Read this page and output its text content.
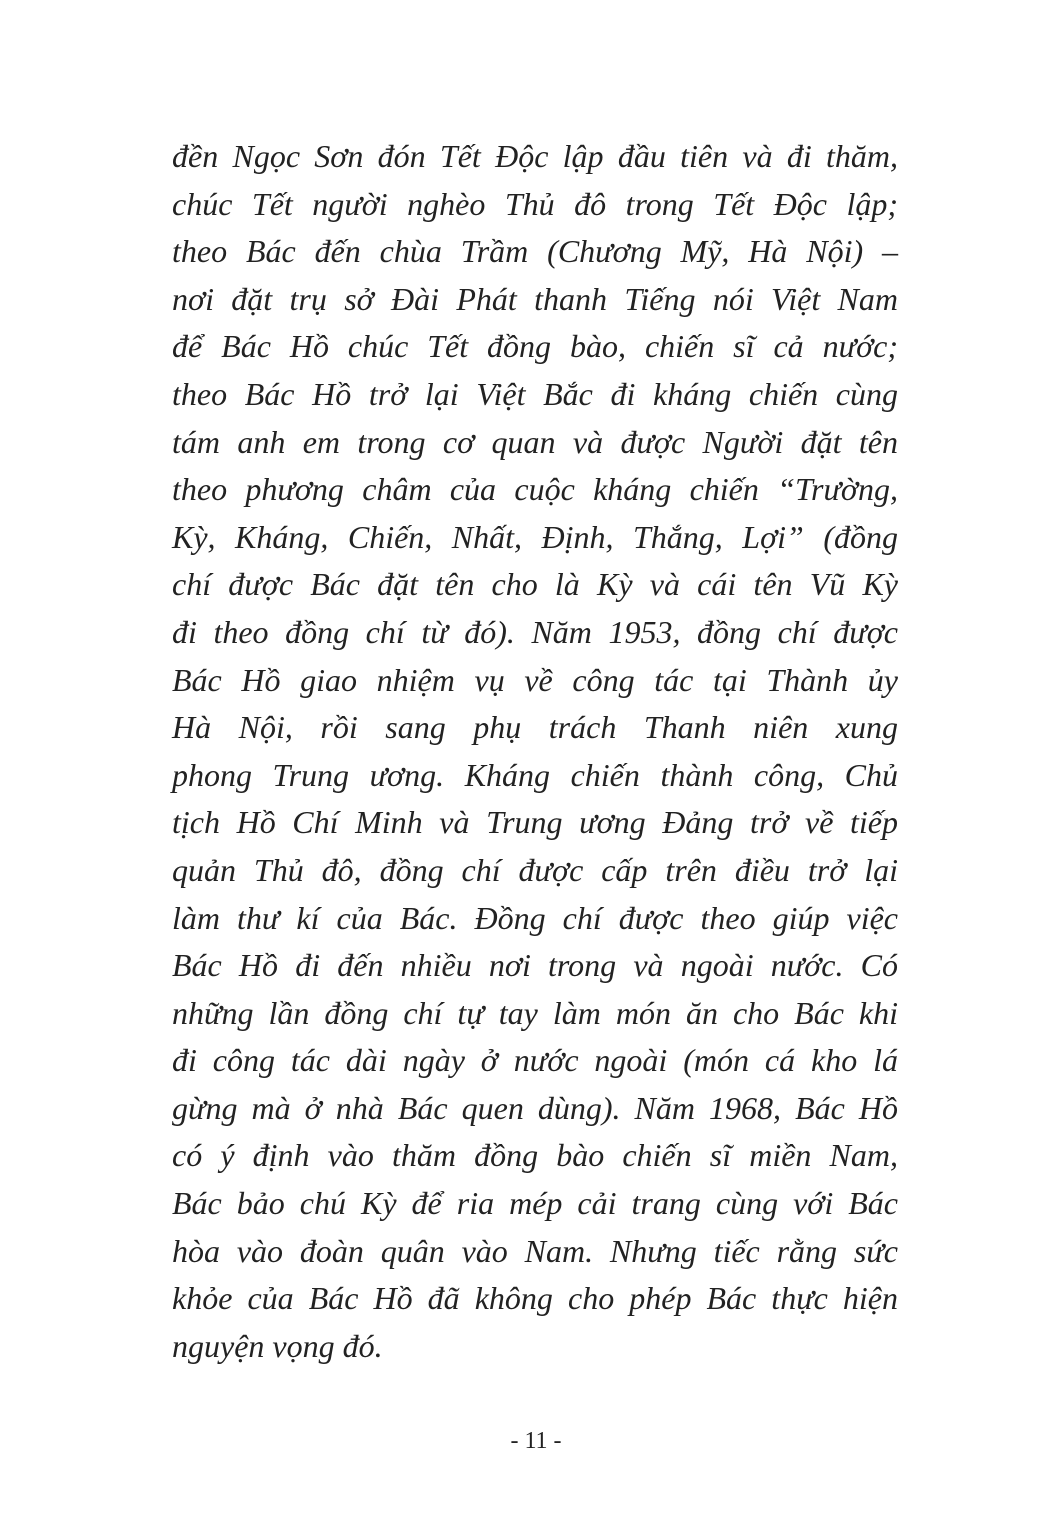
đền Ngọc Sơn đón Tết Độc lập đầu tiên và đi thăm,
chúc Tết người nghèo Thủ đô trong Tết Độc lập;
theo Bác đến chùa Trầm (Chương Mỹ, Hà Nội) –
nơi đặt trụ sở Đài Phát thanh Tiếng nói Việt Nam
để Bác Hồ chúc Tết đồng bào, chiến sĩ cả nước;
theo Bác Hồ trở lại Việt Bắc đi kháng chiến cùng
tám anh em trong cơ quan và được Người đặt tên
theo phương châm của cuộc kháng chiến “Trường,
Kỳ, Kháng, Chiến, Nhất, Định, Thắng, Lợi” (đồng
chí được Bác đặt tên cho là Kỳ và cái tên Vũ Kỳ
đi theo đồng chí từ đó). Năm 1953, đồng chí được
Bác Hồ giao nhiệm vụ về công tác tại Thành ủy
Hà Nội, rồi sang phụ trách Thanh niên xung
phong Trung ương. Kháng chiến thành công, Chủ
tịch Hồ Chí Minh và Trung ương Đảng trở về tiếp
quản Thủ đô, đồng chí được cấp trên điều trở lại
làm thư kí của Bác. Đồng chí được theo giúp việc
Bác Hồ đi đến nhiều nơi trong và ngoài nước. Có
những lần đồng chí tự tay làm món ăn cho Bác khi
đi công tác dài ngày ở nước ngoài (món cá kho lá
gừng mà ở nhà Bác quen dùng). Năm 1968, Bác Hồ
có ý định vào thăm đồng bào chiến sĩ miền Nam,
Bác bảo chú Kỳ để ria mép cải trang cùng với Bác
hòa vào đoàn quân vào Nam. Nhưng tiếc rằng sức
khỏe của Bác Hồ đã không cho phép Bác thực hiện
nguyện vọng đó.
- 11 -
